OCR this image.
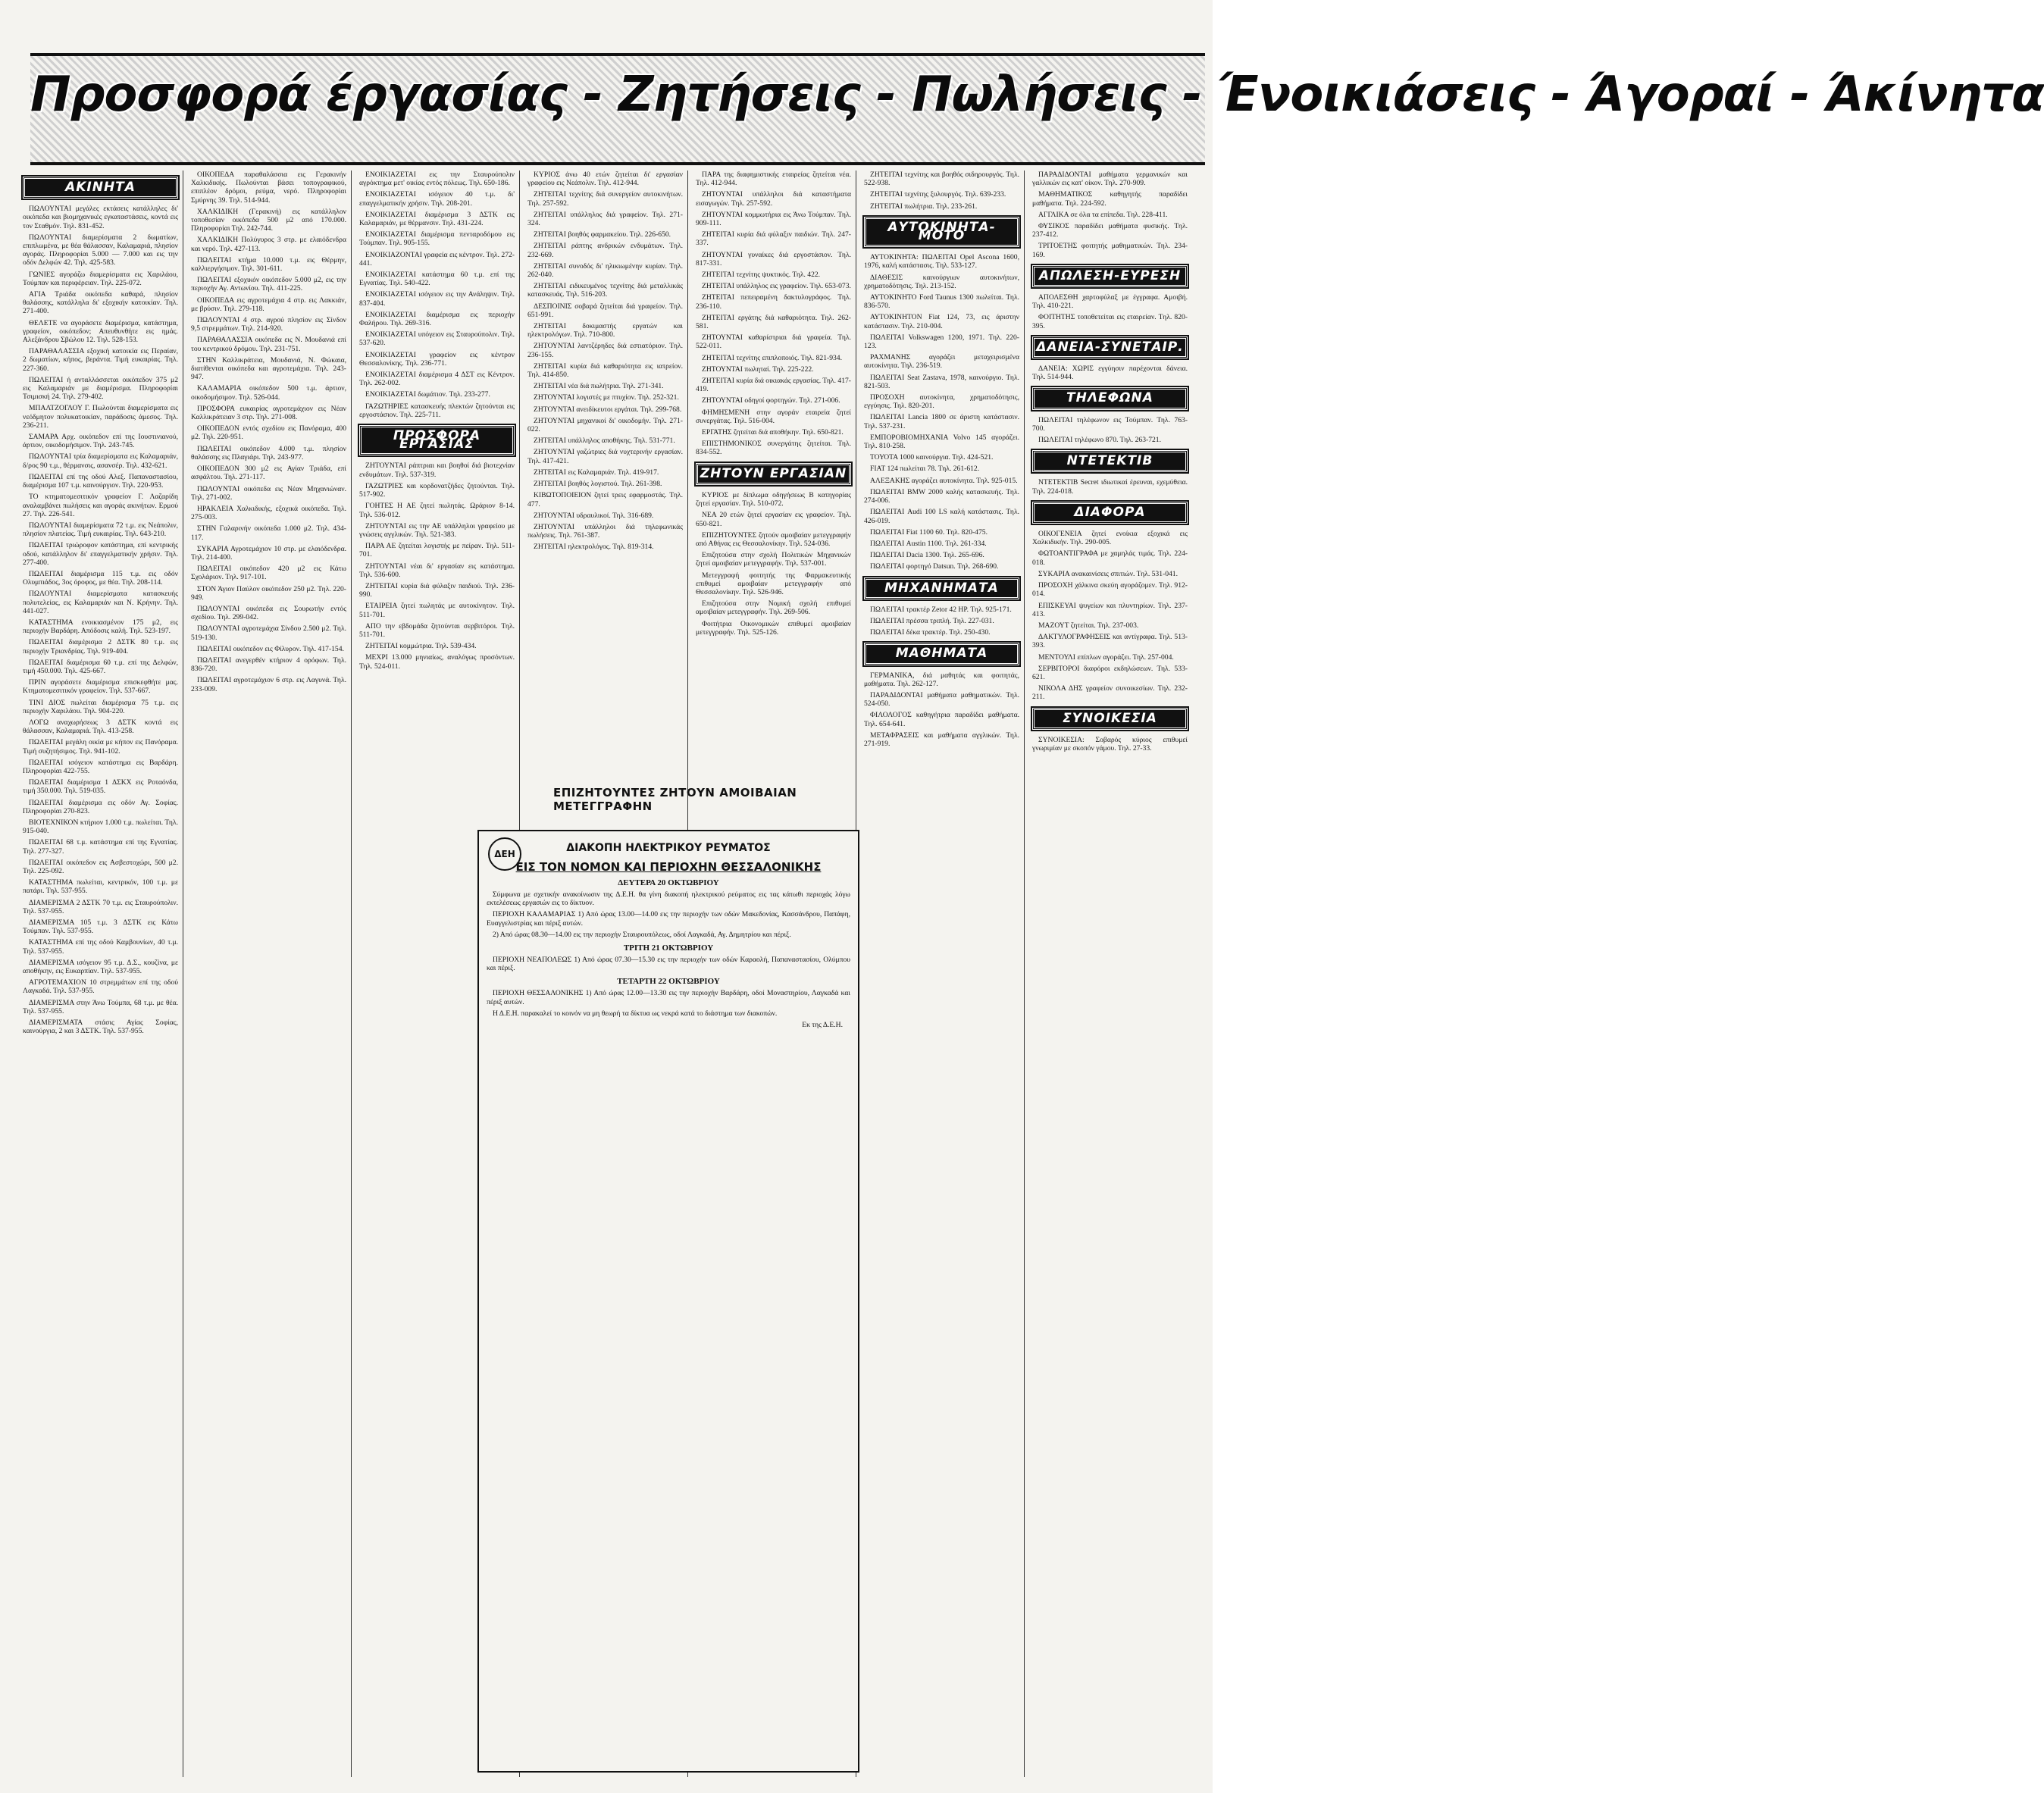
Προσφορά έργασίας - Ζητήσεις - Πωλήσεις - Ένοικιάσεις - Άγοραί - Άκίνητα
ΑΚΙΝΗΤΑ

ΠΩΛΟΥΝΤΑΙ μεγάλες εκτάσεις κατάλληλες δι' οικόπεδα και βιομηχανικές εγκαταστάσεις, κοντά εις τον Σταθμόν. Τηλ. 831-452.

ΠΩΛΟΥΝΤΑΙ διαμερίσματα 2 δωματίων, επιπλωμένα, με θέα θάλασσαν, Καλαμαριά, πλησίον αγοράς. Πληροφορίαι 5.000 — 7.000 και εις την οδόν Δελφών 42. Τηλ. 425-583.

ΓΩΝΙΕΣ αγοράζω διαμερίσματα εις Χαριλάου, Τούμπαν και περιφέρειαν. Τηλ. 225-072.

ΑΓΙΑ Τριάδα οικόπεδα καθαρά, πλησίον θαλάσσης, κατάλληλα δι' εξοχικήν κατοικίαν. Τηλ. 271-400.

ΘΕΛΕΤΕ να αγοράσετε διαμέρισμα, κατάστημα, γραφείον, οικόπεδον; Απευθυνθήτε εις ημάς. Αλεξάνδρου Σβώλου 12. Τηλ. 528-153.

ΠΑΡΑΘΑΛΑΣΣΙΑ εξοχική κατοικία εις Περαίαν, 2 δωματίων, κήπος, βεράντα. Τιμή ευκαιρίας. Τηλ. 227-360.

ΠΩΛΕΙΤΑΙ ή ανταλλάσσεται οικόπεδον 375 μ2 εις Καλαμαριάν με διαμέρισμα. Πληροφορίαι Τσιμισκή 24. Τηλ. 279-402.

ΜΠΑΛΤΖΟΓΛΟΥ Γ. Πωλούνται διαμερίσματα εις νεόδμητον πολυκατοικίαν, παράδοσις άμεσος. Τηλ. 236-211.

ΣΑΜΑΡΑ Αρχ. οικόπεδον επί της Ιουστινιανού, άρτιον, οικοδομήσιμον. Τηλ. 243-745.

ΠΩΛΟΥΝΤΑΙ τρία διαμερίσματα εις Καλαμαριάν, δ/ρος 90 τ.μ., θέρμανσις, ασανσέρ. Τηλ. 432-621.

ΠΩΛΕΙΤΑΙ επί της οδού Αλεξ. Παπαναστασίου, διαμέρισμα 107 τ.μ. καινούργιον. Τηλ. 220-953.

ΤΟ κτηματομεσιτικόν γραφείον Γ. Λαζαρίδη αναλαμβάνει πωλήσεις και αγοράς ακινήτων. Ερμού 27. Τηλ. 226-541.

ΠΩΛΟΥΝΤΑΙ διαμερίσματα 72 τ.μ. εις Νεάπολιν, πλησίον πλατείας. Τιμή ευκαιρίας. Τηλ. 643-210.

ΠΩΛΕΙΤΑΙ τριώροφον κατάστημα, επί κεντρικής οδού, κατάλληλον δι' επαγγελματικήν χρήσιν. Τηλ. 277-400.

ΠΩΛΕΙΤΑΙ διαμέρισμα 115 τ.μ. εις οδόν Ολυμπιάδος, 3ος όροφος, με θέα. Τηλ. 208-114.

ΠΩΛΟΥΝΤΑΙ διαμερίσματα κατασκευής πολυτελείας, εις Καλαμαριάν και Ν. Κρήνην. Τηλ. 441-027.

ΚΑΤΑΣΤΗΜΑ ενοικιασμένον 175 μ2, εις περιοχήν Βαρδάρη. Απόδοσις καλή. Τηλ. 523-197.

ΠΩΛΕΙΤΑΙ διαμέρισμα 2 ΔΣΤΚ 80 τ.μ. εις περιοχήν Τριανδρίας. Τηλ. 919-404.

ΠΩΛΕΙΤΑΙ διαμέρισμα 60 τ.μ. επί της Δελφών, τιμή 450.000. Τηλ. 425-667.

ΠΡΙΝ αγοράσετε διαμέρισμα επισκεφθήτε μας. Κτηματομεσιτικόν γραφείον. Τηλ. 537-667.

ΤΙΝΙ ΔΙΟΣ πωλείται διαμέρισμα 75 τ.μ. εις περιοχήν Χαριλάου. Τηλ. 904-220.

ΛΟΓΩ αναχωρήσεως 3 ΔΣΤΚ κοντά εις θάλασσαν, Καλαμαριά. Τηλ. 413-258.

ΠΩΛΕΙΤΑΙ μεγάλη οικία με κήπον εις Πανόραμα. Τιμή συζητήσιμος. Τηλ. 941-102.

ΠΩΛΕΙΤΑΙ ισόγειον κατάστημα εις Βαρδάρη. Πληροφορίαι 422-755.

ΠΩΛΕΙΤΑΙ διαμέρισμα 1 ΔΣΚΧ εις Ροταόνδα, τιμή 350.000. Τηλ. 519-035.

ΠΩΛΕΙΤΑΙ διαμέρισμα εις οδόν Αγ. Σοφίας. Πληροφορίαι 270-823.

ΒΙΟΤΕΧΝΙΚΟΝ κτήριον 1.000 τ.μ. πωλείται. Τηλ. 915-040.

ΠΩΛΕΙΤΑΙ 68 τ.μ. κατάστημα επί της Εγνατίας. Τηλ. 277-327.

ΠΩΛΕΙΤΑΙ οικόπεδον εις Ασβεστοχώρι, 500 μ2. Τηλ. 225-092.

ΚΑΤΑΣΤΗΜΑ πωλείται, κεντρικόν, 100 τ.μ. με πατάρι. Τηλ. 537-955.

ΔΙΑΜΕΡΙΣΜΑ 2 ΔΣΤΚ 70 τ.μ. εις Σταυρούπολιν. Τηλ. 537-955.

ΔΙΑΜΕΡΙΣΜΑ 105 τ.μ. 3 ΔΣΤΚ εις Κάτω Τούμπαν. Τηλ. 537-955.

ΚΑΤΑΣΤΗΜΑ επί της οδού Καμβουνίων, 40 τ.μ. Τηλ. 537-955.

ΔΙΑΜΕΡΙΣΜΑ ισόγειον 95 τ.μ. Δ.Σ., κουζίνα, με αποθήκην, εις Ευκαρπίαν. Τηλ. 537-955.

ΑΓΡΟΤΕΜΑΧΙΟΝ 10 στρεμμάτων επί της οδού Λαγκαδά. Τηλ. 537-955.

ΔΙΑΜΕΡΙΣΜΑ στην Άνω Τούμπα, 68 τ.μ. με θέα. Τηλ. 537-955.

ΔΙΑΜΕΡΙΣΜΑΤΑ στάσις Αγίας Σοφίας, καινούργια, 2 και 3 ΔΣΤΚ. Τηλ. 537-955.

ΟΙΚΟΠΕΔΑ παραθαλάσσια εις Γερακινήν Χαλκιδικής. Πωλούνται βάσει τοπογραφικού, επιπλέον δρόμοι, ρεύμα, νερό. Πληροφορίαι Σμύρνης 39. Τηλ. 514-944.

ΧΑΛΚΙΔΙΚΗ (Γερακινή) εις κατάλληλον τοποθεσίαν οικόπεδα 500 μ2 από 170.000. Πληροφορίαι Τηλ. 242-744.

ΧΑΛΚΙΔΙΚΗ Πολύγυρος 3 στρ. με ελαιόδενδρα και νερό. Τηλ. 427-113.

ΠΩΛΕΙΤΑΙ κτήμα 10.000 τ.μ. εις Θέρμην, καλλιεργήσιμον. Τηλ. 301-611.

ΠΩΛΕΙΤΑΙ εξοχικόν οικόπεδον 5.000 μ2, εις την περιοχήν Αγ. Αντωνίου. Τηλ. 411-225.

ΟΙΚΟΠΕΔΑ εις αγροτεμάχια 4 στρ. εις Λακκιάν, με βρύσιν. Τηλ. 279-118.

ΠΩΛΟΥΝΤΑΙ 4 στρ. αγρού πλησίον εις Σίνδον 9,5 στρεμμάτων. Τηλ. 214-920.

ΠΑΡΑΘΑΛΑΣΣΙΑ οικόπεδα εις Ν. Μουδανιά επί του κεντρικού δρόμου. Τηλ. 231-751.

ΣΤΗΝ Καλλικράτεια, Μουδανιά, Ν. Φώκαια, διατίθενται οικόπεδα και αγροτεμάχια. Τηλ. 243-947.

ΚΑΛΑΜΑΡΙΑ οικόπεδον 500 τ.μ. άρτιον, οικοδομήσιμον. Τηλ. 526-044.

ΠΡΟΣΦΟΡΑ ευκαιρίας αγροτεμάχιον εις Νέαν Καλλικράτειαν 3 στρ. Τηλ. 271-008.

ΟΙΚΟΠΕΔΟΝ εντός σχεδίου εις Πανόραμα, 400 μ2. Τηλ. 220-951.

ΠΩΛΕΙΤΑΙ οικόπεδον 4.000 τ.μ. πλησίον θαλάσσης εις Πλαγιάρι. Τηλ. 243-977.

ΟΙΚΟΠΕΔΟΝ 300 μ2 εις Αγίαν Τριάδα, επί ασφάλτου. Τηλ. 271-117.

ΠΩΛΟΥΝΤΑΙ οικόπεδα εις Νέαν Μηχανιώναν. Τηλ. 271-002.

ΗΡΑΚΛΕΙΑ Χαλκιδικής, εξοχικά οικόπεδα. Τηλ. 275-003.

ΣΤΗΝ Γαλαρινήν οικόπεδα 1.000 μ2. Τηλ. 434-117.

ΣΥΚΑΡΙΑ Αγροτεμάχιον 10 στρ. με ελαιόδενδρα. Τηλ. 214-400.

ΠΩΛΕΙΤΑΙ οικόπεδον 420 μ2 εις Κάτω Σχολάριον. Τηλ. 917-101.

ΣΤΟΝ Άγιον Παύλον οικόπεδον 250 μ2. Τηλ. 220-949.

ΠΩΛΟΥΝΤΑΙ οικόπεδα εις Σουρωτήν εντός σχεδίου. Τηλ. 299-042.

ΠΩΛΟΥΝΤΑΙ αγροτεμάχια Σίνδου 2.500 μ2. Τηλ. 519-130.

ΠΩΛΕΙΤΑΙ οικόπεδον εις Φίλυρον. Τηλ. 417-154.

ΠΩΛΕΙΤΑΙ ανεγερθέν κτήριον 4 ορόφων. Τηλ. 836-720.

ΠΩΛΕΙΤΑΙ αγροτεμάχιον 6 στρ. εις Λαγυνά. Τηλ. 233-009.

ΕΝΟΙΚΙΑΖΕΤΑΙ εις την Σταυρούπολιν αγρόκτημα μετ' οικίας εντός πόλεως. Τηλ. 650-186.

ΕΝΟΙΚΙΑΖΕΤΑΙ ισόγειον 40 τ.μ. δι' επαγγελματικήν χρήσιν. Τηλ. 208-201.

ΕΝΟΙΚΙΑΖΕΤΑΙ διαμέρισμα 3 ΔΣΤΚ εις Καλαμαριάν, με θέρμανσιν. Τηλ. 431-224.

ΕΝΟΙΚΙΑΖΕΤΑΙ διαμέρισμα πενταροδόμου εις Τούμπαν. Τηλ. 905-155.

ΕΝΟΙΚΙΑΖΟΝΤΑΙ γραφεία εις κέντρον. Τηλ. 272-441.

ΕΝΟΙΚΙΑΖΕΤΑΙ κατάστημα 60 τ.μ. επί της Εγνατίας. Τηλ. 540-422.

ΕΝΟΙΚΙΑΖΕΤΑΙ ισόγειον εις την Ανάληψιν. Τηλ. 837-404.

ΕΝΟΙΚΙΑΖΕΤΑΙ διαμέρισμα εις περιοχήν Φαλήρου. Τηλ. 269-316.

ΕΝΟΙΚΙΑΖΕΤΑΙ υπόγειον εις Σταυρούπολιν. Τηλ. 537-620.

ΕΝΟΙΚΙΑΖΕΤΑΙ γραφείον εις κέντρον Θεσσαλονίκης. Τηλ. 236-771.

ΕΝΟΙΚΙΑΖΕΤΑΙ διαμέρισμα 4 ΔΣΤ εις Κέντρον. Τηλ. 262-002.

ΕΝΟΙΚΙΑΖΕΤΑΙ δωμάτιον. Τηλ. 233-277.

ΓΑΖΩΤΗΡΙΕΣ κατασκευής πλεκτών ζητούνται εις εργοστάσιον. Τηλ. 225-711.

ΠΡΟΣΦΟΡΑ ΕΡΓΑΣΙΑΣ

ΖΗΤΟΥΝΤΑΙ ράπτριαι και βοηθοί διά βιοτεχνίαν ενδυμάτων. Τηλ. 537-319.

ΓΑΖΩΤΡΙΕΣ και κορδονατζήδες ζητούνται. Τηλ. 517-902.

ΓΟΗΤΕΣ Η ΑΕ ζητεί πωλητάς. Ωράριον 8-14. Τηλ. 536-012.

ΖΗΤΟΥΝΤΑΙ εις την ΑΕ υπάλληλοι γραφείου με γνώσεις αγγλικών. Τηλ. 521-383.

ΠΑΡΑ ΑΕ ζητείται λογιστής με πείραν. Τηλ. 511-701.

ΖΗΤΟΥΝΤΑΙ νέαι δι' εργασίαν εις κατάστημα. Τηλ. 536-600.

ΖΗΤΕΙΤΑΙ κυρία διά φύλαξιν παιδιού. Τηλ. 236-990.

ΕΤΑΙΡΕΙΑ ζητεί πωλητάς με αυτοκίνητον. Τηλ. 511-701.

ΑΠΟ την εβδομάδα ζητούνται σερβιτόροι. Τηλ. 511-701.

ΖΗΤΕΙΤΑΙ κομμώτρια. Τηλ. 539-434.

ΜΕΧΡΙ 13.000 μηνιαίως, αναλόγως προσόντων. Τηλ. 524-011.

ΚΥΡΙΟΣ άνω 40 ετών ζητείται δι' εργασίαν γραφείου εις Νεάπολιν. Τηλ. 412-944.

ΖΗΤΕΙΤΑΙ τεχνίτης διά συνεργείον αυτοκινήτων. Τηλ. 257-592.

ΖΗΤΕΙΤΑΙ υπάλληλος διά γραφείον. Τηλ. 271-324.

ΖΗΤΕΙΤΑΙ βοηθός φαρμακείου. Τηλ. 226-650.

ΖΗΤΕΙΤΑΙ ράπτης ανδρικών ενδυμάτων. Τηλ. 232-669.

ΖΗΤΕΙΤΑΙ συνοδός δι' ηλικιωμένην κυρίαν. Τηλ. 262-040.

ΖΗΤΕΙΤΑΙ ειδικευμένος τεχνίτης διά μεταλλικάς κατασκευάς. Τηλ. 516-203.

ΔΕΣΠΟΙΝΙΣ σοβαρά ζητείται διά γραφείον. Τηλ. 651-991.

ΖΗΤΕΙΤΑΙ δοκιμαστής εργατών και ηλεκτρολόγων. Τηλ. 710-800.

ΖΗΤΟΥΝΤΑΙ λαντζέρηδες διά εστιατόριον. Τηλ. 236-155.

ΖΗΤΕΙΤΑΙ κυρία διά καθαριότητα εις ιατρείον. Τηλ. 414-850.

ΖΗΤΕΙΤΑΙ νέα διά πωλήτρια. Τηλ. 271-341.

ΖΗΤΟΥΝΤΑΙ λογιστές με πτυχίον. Τηλ. 252-321.

ΖΗΤΟΥΝΤΑΙ ανειδίκευτοι εργάται. Τηλ. 299-768.

ΖΗΤΟΥΝΤΑΙ μηχανικοί δι' οικοδομήν. Τηλ. 271-022.

ΖΗΤΕΙΤΑΙ υπάλληλος αποθήκης. Τηλ. 531-771.

ΖΗΤΟΥΝΤΑΙ γαζώτριες διά νυχτερινήν εργασίαν. Τηλ. 417-421.

ΖΗΤΕΙΤΑΙ εις Καλαμαριάν. Τηλ. 419-917.

ΖΗΤΕΙΤΑΙ βοηθός λογιστού. Τηλ. 261-398.

ΚΙΒΩΤΟΠΟΙΕΙΟΝ ζητεί τρεις εφαρμοστάς. Τηλ. 477.

ΖΗΤΟΥΝΤΑΙ υδραυλικοί. Τηλ. 316-689.

ΖΗΤΟΥΝΤΑΙ υπάλληλοι διά τηλεφωνικάς πωλήσεις. Τηλ. 761-387.

ΖΗΤΕΙΤΑΙ ηλεκτρολόγος. Τηλ. 819-314.

ΠΑΡΑ της διαφημιστικής εταιρείας ζητείται νέα. Τηλ. 412-944.

ΖΗΤΟΥΝΤΑΙ υπάλληλοι διά καταστήματα εισαγωγών. Τηλ. 257-592.

ΖΗΤΟΥΝΤΑΙ κομμωτήρια εις Άνω Τούμπαν. Τηλ. 909-111.

ΖΗΤΕΙΤΑΙ κυρία διά φύλαξιν παιδιών. Τηλ. 247-337.

ΖΗΤΟΥΝΤΑΙ γυναίκες διά εργοστάσιον. Τηλ. 817-331.

ΖΗΤΕΙΤΑΙ τεχνίτης ψυκτικός. Τηλ. 422.

ΖΗΤΕΙΤΑΙ υπάλληλος εις γραφείον. Τηλ. 653-073.

ΖΗΤΕΙΤΑΙ πεπειραμένη δακτυλογράφος. Τηλ. 236-110.

ΖΗΤΕΙΤΑΙ εργάτης διά καθαριότητα. Τηλ. 262-581.

ΖΗΤΟΥΝΤΑΙ καθαρίστριαι διά γραφεία. Τηλ. 522-011.

ΖΗΤΕΙΤΑΙ τεχνίτης επιπλοποιός. Τηλ. 821-934.

ΖΗΤΟΥΝΤΑΙ πωληταί. Τηλ. 225-222.

ΖΗΤΕΙΤΑΙ κυρία διά οικιακάς εργασίας. Τηλ. 417-419.

ΖΗΤΟΥΝΤΑΙ οδηγοί φορτηγών. Τηλ. 271-006.

ΦΗΜΗΣΜΕΝΗ στην αγοράν εταιρεία ζητεί συνεργάτας. Τηλ. 516-004.

ΕΡΓΑΤΗΣ ζητείται διά αποθήκην. Τηλ. 650-821.

ΕΠΙΣΤΗΜΟΝΙΚΟΣ συνεργάτης ζητείται. Τηλ. 834-552.

ΖΗΤΟΥΝ ΕΡΓΑΣΙΑΝ

ΚΥΡΙΟΣ με δίπλωμα οδηγήσεως Β κατηγορίας ζητεί εργασίαν. Τηλ. 510-072.

ΝΕΑ 20 ετών ζητεί εργασίαν εις γραφείον. Τηλ. 650-821.

ΕΠΙΖΗΤΟΥΝΤΕΣ ζητούν αμοιβαίαν μετεγγραφήν από Αθήνας εις Θεσσαλονίκην. Τηλ. 524-036.

Επιζητούσα στην σχολή Πολιτικών Μηχανικών ζητεί αμοιβαίαν μετεγγραφήν. Τηλ. 537-001.

Μετεγγραφή φοιτητής της Φαρμακευτικής επιθυμεί αμοιβαίαν μετεγγραφήν από Θεσσαλονίκην. Τηλ. 526-946.

Επιζητούσα στην Νομική σχολή επιθυμεί αμοιβαίαν μετεγγραφήν. Τηλ. 269-506.

Φοιτήτρια Οικονομικών επιθυμεί αμοιβαίαν μετεγγραφήν. Τηλ. 525-126.

ΖΗΤΕΙΤΑΙ τεχνίτης και βοηθός σιδηρουργός. Τηλ. 522-938.

ΖΗΤΕΙΤΑΙ τεχνίτης ξυλουργός. Τηλ. 639-233.

ΖΗΤΕΙΤΑΙ πωλήτρια. Τηλ. 233-261.

ΑΥΤΟΚΙΝΗΤΑ-ΜΟΤΟ

ΑΥΤΟΚΙΝΗΤΑ: ΠΩΛΕΙΤΑΙ Opel Ascona 1600, 1976, καλή κατάστασις. Τηλ. 533-127.

ΔΙΑΘΕΣΙΣ καινούργιων αυτοκινήτων, χρηματοδότησις. Τηλ. 213-152.

ΑΥΤΟΚΙΝΗΤΟ Ford Taunus 1300 πωλείται. Τηλ. 836-570.

ΑΥΤΟΚΙΝΗΤΟΝ Fiat 124, 73, εις άριστην κατάστασιν. Τηλ. 210-004.

ΠΩΛΕΙΤΑΙ Volkswagen 1200, 1971. Τηλ. 220-123.

ΡΑΧΜΑΝΗΣ αγοράζει μεταχειρισμένα αυτοκίνητα. Τηλ. 236-519.

ΠΩΛΕΙΤΑΙ Seat Zastava, 1978, καινούργιο. Τηλ. 821-503.

ΠΡΟΣΟΧΗ αυτοκίνητα, χρηματοδότησις, εγγύησις. Τηλ. 820-201.

ΠΩΛΕΙΤΑΙ Lancia 1800 σε άριστη κατάστασιν. Τηλ. 537-231.

ΕΜΠΟΡΟΒΙΟΜΗΧΑΝΙΑ Volvo 145 αγοράζει. Τηλ. 810-258.

ΤΟΥΟΤΑ 1000 καινούργια. Τηλ. 424-521.

FIAT 124 πωλείται 78. Τηλ. 261-612.

ΑΛΕΞΑΚΗΣ αγοράζει αυτοκίνητα. Τηλ. 925-015.

ΠΩΛΕΙΤΑΙ BMW 2000 καλής κατασκευής. Τηλ. 274-006.

ΠΩΛΕΙΤΑΙ Audi 100 LS καλή κατάστασις. Τηλ. 426-019.

ΠΩΛΕΙΤΑΙ Fiat 1100 60. Τηλ. 820-475.

ΠΩΛΕΙΤΑΙ Austin 1100. Τηλ. 261-334.

ΠΩΛΕΙΤΑΙ Dacia 1300. Τηλ. 265-696.

ΠΩΛΕΙΤΑΙ φορτηγό Datsun. Τηλ. 268-690.

ΜΗΧΑΝΗΜΑΤΑ

ΠΩΛΕΙΤΑΙ τρακτέρ Zetor 42 HP. Τηλ. 925-171.

ΠΩΛΕΙΤΑΙ πρέσσα τριπλή. Τηλ. 227-031.

ΠΩΛΕΙΤΑΙ δέκα τρακτέρ. Τηλ. 250-430.

ΜΑΘΗΜΑΤΑ

ΓΕΡΜΑΝΙΚΑ, διά μαθητάς και φοιτητάς, μαθήματα. Τηλ. 262-127.

ΠΑΡΑΔΙΔΟΝΤΑΙ μαθήματα μαθηματικών. Τηλ. 524-050.

ΦΙΛΟΛΟΓΟΣ καθηγήτρια παραδίδει μαθήματα. Τηλ. 654-641.

ΜΕΤΑΦΡΑΣΕΙΣ και μαθήματα αγγλικών. Τηλ. 271-919.

ΠΑΡΑΔΙΔΟΝΤΑΙ μαθήματα γερμανικών και γαλλικών εις κατ' οίκον. Τηλ. 270-909.

ΜΑΘΗΜΑΤΙΚΟΣ καθηγητής παραδίδει μαθήματα. Τηλ. 224-592.

ΑΓΓΛΙΚΑ σε όλα τα επίπεδα. Τηλ. 228-411.

ΦΥΣΙΚΟΣ παραδίδει μαθήματα φυσικής. Τηλ. 237-412.

ΤΡΙΤΟΕΤΗΣ φοιτητής μαθηματικών. Τηλ. 234-169.

ΑΠΩΛΕΣΗ-ΕΥΡΕΣΗ

ΑΠΟΛΕΣΘΗ χαρτοφύλαξ με έγγραφα. Αμοιβή. Τηλ. 410-221.

ΦΟΙΤΗΤΗΣ τοποθετείται εις εταιρείαν. Τηλ. 820-395.

ΔΑΝΕΙΑ-ΣΥΝΕΤΑΙΡ.

ΔΑΝΕΙΑ: ΧΩΡΙΣ εγγύησιν παρέχονται δάνεια. Τηλ. 514-944.

ΤΗΛΕΦΩΝΑ

ΠΩΛΕΙΤΑΙ τηλέφωνον εις Τούμπαν. Τηλ. 763-700.

ΠΩΛΕΙΤΑΙ τηλέφωνο 870. Τηλ. 263-721.

ΝΤΕΤΕΚΤΙΒ

ΝΤΕΤΕΚΤΙΒ Secret ιδιωτικαί έρευναι, εχεμύθεια. Τηλ. 224-018.

ΔΙΑΦΟΡΑ

ΟΙΚΟΓΕΝΕΙΑ ζητεί ενοίκια εξοχικά εις Χαλκιδικήν. Τηλ. 290-005.

ΦΩΤΟΑΝΤΙΓΡΑΦΑ με χαμηλάς τιμάς. Τηλ. 224-018.

ΣΥΚΑΡΙΑ ανακαινίσεις σπιτιών. Τηλ. 531-041.

ΠΡΟΣΟΧΗ χάλκινα σκεύη αγοράζομεν. Τηλ. 912-014.

ΕΠΙΣΚΕΥΑΙ ψυγείων και πλυντηρίων. Τηλ. 237-413.

ΜΑΖΟΥΤ ζητείται. Τηλ. 237-003.

ΔΑΚΤΥΛΟΓΡΑΦΗΣΕΙΣ και αντίγραφα. Τηλ. 513-393.

ΜΕΝΤΟΥΛΙ επίπλων αγοράζει. Τηλ. 257-004.

ΣΕΡΒΙΤΟΡΟΙ διαφόροι εκδηλώσεων. Τηλ. 533-621.

ΝΙΚΟΛΑ ΔΗΣ γραφείον συνοικεσίων. Τηλ. 232-211.

ΣΥΝΟΙΚΕΣΙΑ

ΣΥΝΟΙΚΕΣΙΑ: Σοβαρός κύριος επιθυμεί γνωριμίαν με σκοπόν γάμου. Τηλ. 27-33.

ΕΠΙΖΗΤΟΥΝΤΕΣ ΖΗΤΟΥΝ ΑΜΟΙΒΑΙΑΝ ΜΕΤΕΓΓΡΑΦΗΝ
ΔΕΗ	ΔΙΑΚΟΠΗ ΗΛΕΚΤΡΙΚΟΥ ΡΕΥΜΑΤΟΣ
ΕΙΣ ΤΟΝ ΝΟΜΟΝ ΚΑΙ ΠΕΡΙΟΧΗΝ ΘΕΣΣΑΛΟΝΙΚΗΣ
ΔΕΥΤΕΡΑ 20 ΟΚΤΩΒΡΙΟΥ

Σύμφωνα με σχετικήν ανακοίνωσιν της Δ.Ε.Η. θα γίνη διακοπή ηλεκτρικού ρεύματος εις τας κάτωθι περιοχάς λόγω εκτελέσεως εργασιών εις το δίκτυον.

ΠΕΡΙΟΧΗ ΚΑΛΑΜΑΡΙΑΣ 1) Από ώρας 13.00—14.00 εις την περιοχήν των οδών Μακεδονίας, Κασσάνδρου, Παπάφη, Ευαγγελιστρίας και πέριξ αυτών.

2) Από ώρας 08.30—14.00 εις την περιοχήν Σταυρουπόλεως, οδοί Λαγκαδά, Αγ. Δημητρίου και πέριξ.

ΤΡΙΤΗ 21 ΟΚΤΩΒΡΙΟΥ

ΠΕΡΙΟΧΗ ΝΕΑΠΟΛΕΩΣ 1) Από ώρας 07.30—15.30 εις την περιοχήν των οδών Καραολή, Παπαναστασίου, Ολύμπου και πέριξ.

ΤΕΤΑΡΤΗ 22 ΟΚΤΩΒΡΙΟΥ

ΠΕΡΙΟΧΗ ΘΕΣΣΑΛΟΝΙΚΗΣ 1) Από ώρας 12.00—13.30 εις την περιοχήν Βαρδάρη, οδοί Μοναστηρίου, Λαγκαδά και πέριξ αυτών.

Η Δ.Ε.Η. παρακαλεί το κοινόν να μη θεωρή τα δίκτυα ως νεκρά κατά το διάστημα των διακοπών.

Εκ της Δ.Ε.Η.
